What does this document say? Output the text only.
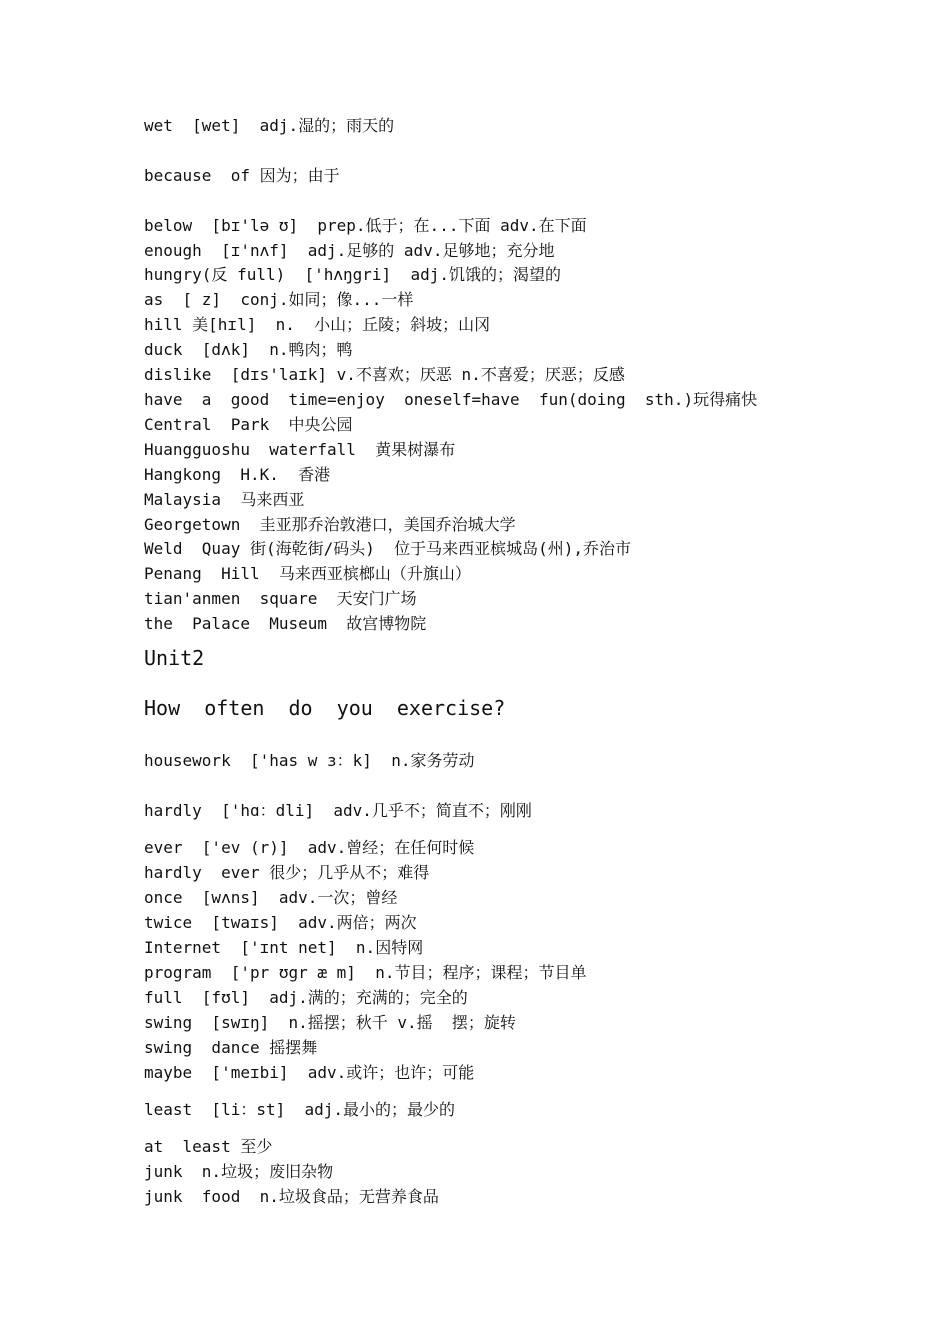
wet  [wet]  adj.湿的；雨天的
because  of 因为；由于
below  [bɪ'lə ʊ]  prep.低于；在...下面 adv.在下面
enough  [ɪ'nʌf]  adj.足够的 adv.足够地；充分地
hungry(反 full)  ['hʌŋgri]  adj.饥饿的；渴望的
as  [ z]  conj.如同；像...一样
hill 美[hɪl]  n.  小山；丘陵；斜坡；山冈
duck  [dʌk]  n.鸭肉；鸭
dislike  [dɪs'laɪk] v.不喜欢；厌恶 n.不喜爱；厌恶；反感
have  a  good  time=enjoy  oneself=have  fun(doing  sth.)玩得痛快
Central  Park  中央公园
Huangguoshu  waterfall  黄果树瀑布
Hangkong  H.K.  香港
Malaysia  马来西亚
Georgetown  圭亚那乔治敦港口，美国乔治城大学
Weld  Quay 街(海乾街/码头)  位于马来西亚槟城岛(州),乔治市
Penang  Hill  马来西亚槟榔山（升旗山）
tian'anmen  square  天安门广场
the  Palace  Museum  故宫博物院
Unit2
How  often  do  you  exercise?
housework  ['has w з：k]  n.家务劳动
hardly  ['hɑ：dli]  adv.几乎不；简直不；刚刚
ever  ['ev (r)]  adv.曾经；在任何时候
hardly  ever 很少；几乎从不；难得
once  [wʌns]  adv.一次；曾经
twice  [twaɪs]  adv.两倍；两次
Internet  ['ɪnt net]  n.因特网
program  ['pr ʊgr æ m]  n.节目；程序；课程；节目单
full  [fʊl]  adj.满的；充满的；完全的
swing  [swɪŋ]  n.摇摆；秋千 v.摇  摆；旋转
swing  dance 摇摆舞
maybe  ['meɪbi]  adv.或许；也许；可能
least  [li：st]  adj.最小的；最少的
at  least 至少
junk  n.垃圾；废旧杂物
junk  food  n.垃圾食品；无营养食品
